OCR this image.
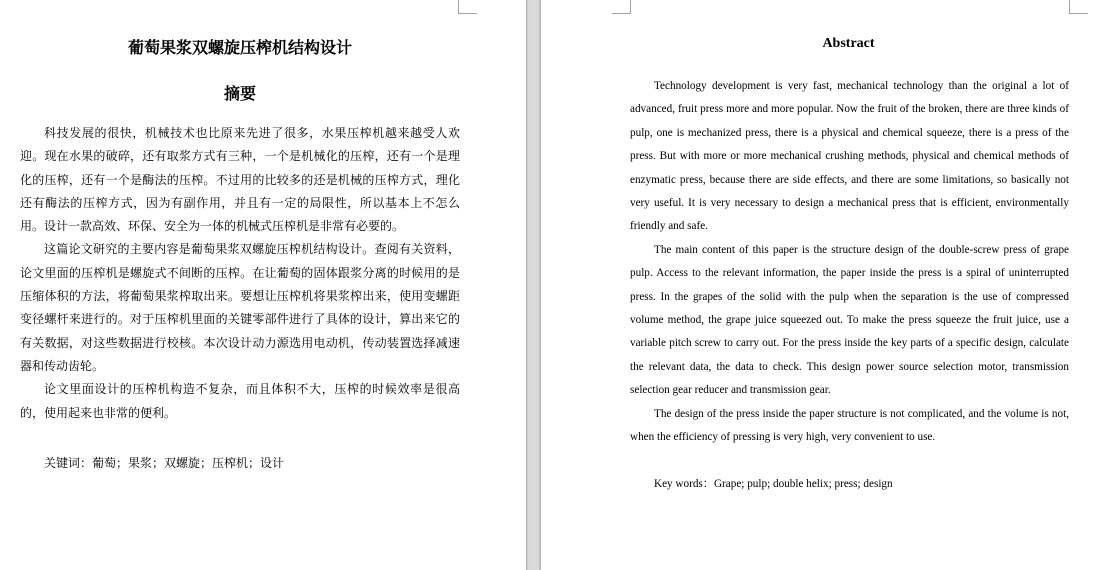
葡萄果浆双螺旋压榨机结构设计
摘要

科技发展的很快，机械技术也比原来先进了很多，水果压榨机越来越受人欢迎。现在水果的破碎，还有取浆方式有三种，一个是机械化的压榨，还有一个是理化的压榨，还有一个是酶法的压榨。不过用的比较多的还是机械的压榨方式，理化还有酶法的压榨方式，因为有副作用，并且有一定的局限性，所以基本上不怎么用。设计一款高效、环保、安全为一体的机械式压榨机是非常有必要的。

这篇论文研究的主要内容是葡萄果浆双螺旋压榨机结构设计。查阅有关资料，论文里面的压榨机是螺旋式不间断的压榨。在让葡萄的固体跟浆分离的时候用的是压缩体积的方法，将葡萄果浆榨取出来。要想让压榨机将果浆榨出来，使用变螺距变径螺杆来进行的。对于压榨机里面的关键零部件进行了具体的设计，算出来它的有关数据，对这些数据进行校核。本次设计动力源选用电动机，传动装置选择减速器和传动齿轮。

论文里面设计的压榨机构造不复杂，而且体积不大，压榨的时候效率是很高的，使用起来也非常的便利。

关键词：葡萄；果浆；双螺旋；压榨机；设计
Abstract

Technology development is very fast, mechanical technology than the original a lot of advanced, fruit press more and more popular. Now the fruit of the broken, there are three kinds of pulp, one is mechanized press, there is a physical and chemical squeeze, there is a press of the press. But with more or more mechanical crushing methods, physical and chemical methods of enzymatic press, because there are side effects, and there are some limitations, so basically not very useful. It is very necessary to design a mechanical press that is efficient, environmentally friendly and safe.

The main content of this paper is the structure design of the double-screw press of grape pulp. Access to the relevant information, the paper inside the press is a spiral of uninterrupted press. In the grapes of the solid with the pulp when the separation is the use of compressed volume method, the grape juice squeezed out. To make the press squeeze the fruit juice, use a variable pitch screw to carry out. For the press inside the key parts of a specific design, calculate the relevant data, the data to check. This design power source selection motor, transmission selection gear reducer and transmission gear.

The design of the press inside the paper structure is not complicated, and the volume is not, when the efficiency of pressing is very high, very convenient to use.

Key words：Grape; pulp; double helix; press; design
